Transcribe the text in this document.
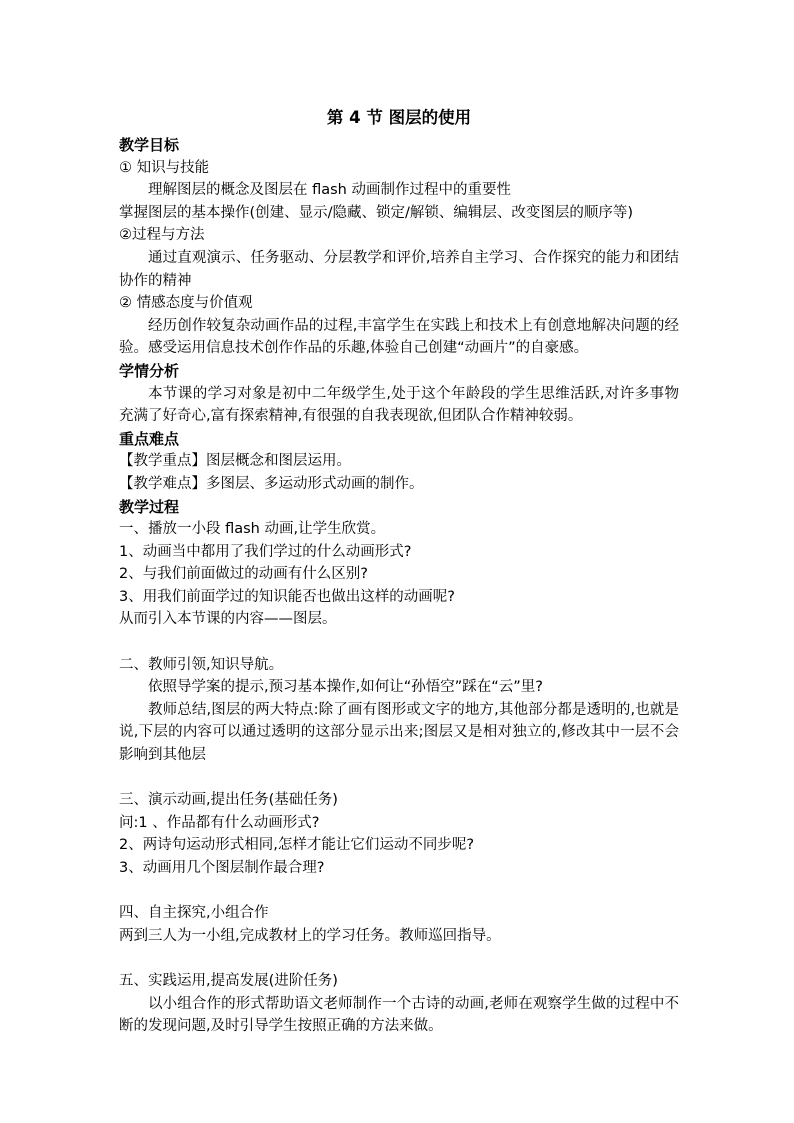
第 4 节 图层的使用
教学目标
① 知识与技能
理解图层的概念及图层在 flash 动画制作过程中的重要性
掌握图层的基本操作(创建、显示/隐藏、锁定/解锁、编辑层、改变图层的顺序等)
②过程与方法
通过直观演示、任务驱动、分层教学和评价,培养自主学习、合作探究的能力和团结协作的精神
② 情感态度与价值观
经历创作较复杂动画作品的过程,丰富学生在实践上和技术上有创意地解决问题的经验。感受运用信息技术创作作品的乐趣,体验自己创建“动画片”的自豪感。
学情分析
本节课的学习对象是初中二年级学生,处于这个年龄段的学生思维活跃,对许多事物充满了好奇心,富有探索精神,有很强的自我表现欲,但团队合作精神较弱。
重点难点
【教学重点】图层概念和图层运用。
【教学难点】多图层、多运动形式动画的制作。
教学过程
一、播放一小段 flash 动画,让学生欣赏。
1、动画当中都用了我们学过的什么动画形式?
2、与我们前面做过的动画有什么区别?
3、用我们前面学过的知识能否也做出这样的动画呢?
从而引入本节课的内容——图层。
二、教师引领,知识导航。
依照导学案的提示,预习基本操作,如何让“孙悟空”踩在“云”里?
教师总结,图层的两大特点:除了画有图形或文字的地方,其他部分都是透明的,也就是说,下层的内容可以通过透明的这部分显示出来;图层又是相对独立的,修改其中一层不会影响到其他层
三、演示动画,提出任务(基础任务)
问:1 、作品都有什么动画形式?
2、两诗句运动形式相同,怎样才能让它们运动不同步呢?
3、动画用几个图层制作最合理?
四、自主探究,小组合作
两到三人为一小组,完成教材上的学习任务。教师巡回指导。
五、实践运用,提高发展(进阶任务)
以小组合作的形式帮助语文老师制作一个古诗的动画,老师在观察学生做的过程中不断的发现问题,及时引导学生按照正确的方法来做。
